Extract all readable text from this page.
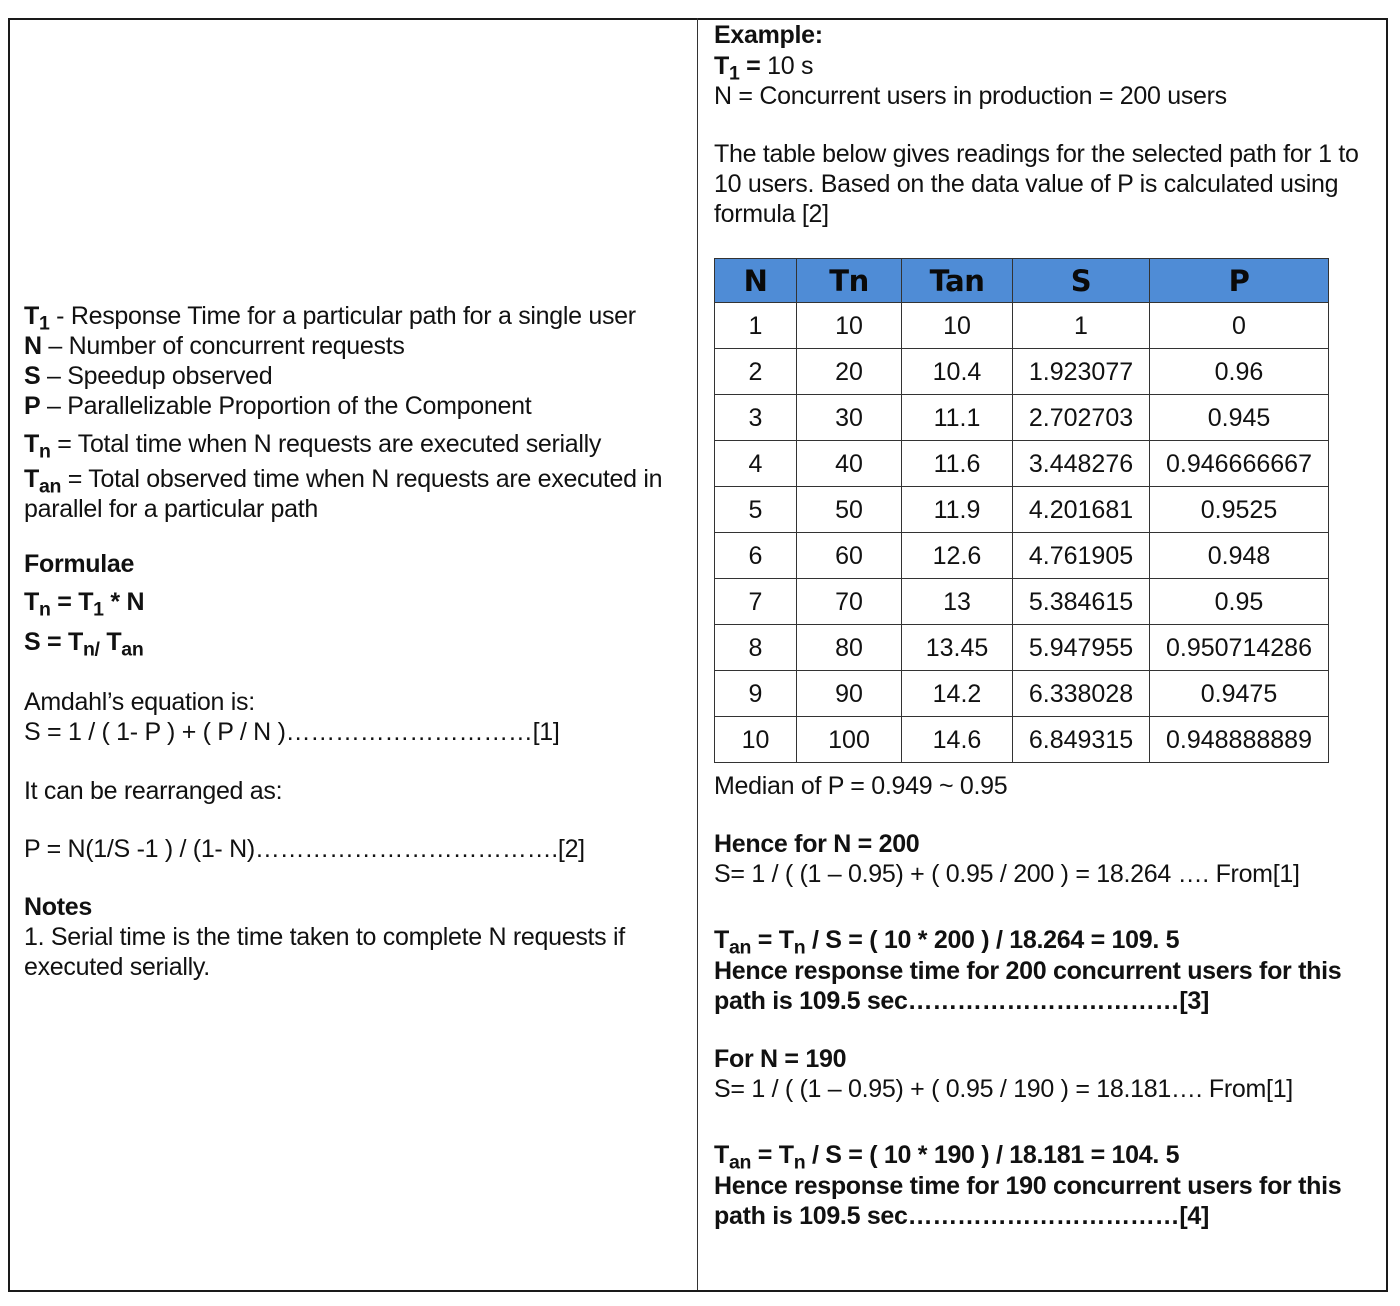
$T_1$ - Response Time for a particular path for a single user
N – Number of concurrent requests
S – Speedup observed
P – Parallelizable Proportion of the Component
$T_n$ = Total time when N requests are executed serially
$T_{an}$ = Total observed time when N requests are executed in parallel for a particular path
Formulae
$T_n = T_1 * N$
$S = T_{n/}$ $T_{an}$
Amdahl’s equation is:
S = 1 / ( 1- P ) + ( P / N )…………………………[1]
It can be rearranged as:
P = N(1/S -1 ) / (1- N)……………………………….[2]
Notes
1. Serial time is the time taken to complete N requests if executed serially.
Example:
$T_1 = 10$ s
N = Concurrent users in production = 200 users
The table below gives readings for the selected path for 1 to 10 users. Based on the data value of P is calculated using formula [2]
N	Tn	Tan	S	P
1	10	10	1	0
2	20	10.4	1.923077	0.96
3	30	11.1	2.702703	0.945
4	40	11.6	3.448276	0.946666667
5	50	11.9	4.201681	0.9525
6	60	12.6	4.761905	0.948
7	70	13	5.384615	0.95
8	80	13.45	5.947955	0.950714286
9	90	14.2	6.338028	0.9475
10	100	14.6	6.849315	0.948888889
Median of P = 0.949 ~ 0.95
Hence for N = 200
S= 1 / ( (1 – 0.95) + ( 0.95 / 200 ) = 18.264 …. From[1]
$T_{an} = T_n / S$ = ( 10 * 200 ) / 18.264 = 109. 5
Hence response time for 200 concurrent users for this path is 109.5 sec……………………………[3]
For N = 190
S= 1 / ( (1 – 0.95) + ( 0.95 / 190 ) = 18.181…. From[1]
$T_{an} = T_n / S$ = ( 10 * 190 ) / 18.181 = 104. 5
Hence response time for 190 concurrent users for this path is 109.5 sec……………………………[4]
